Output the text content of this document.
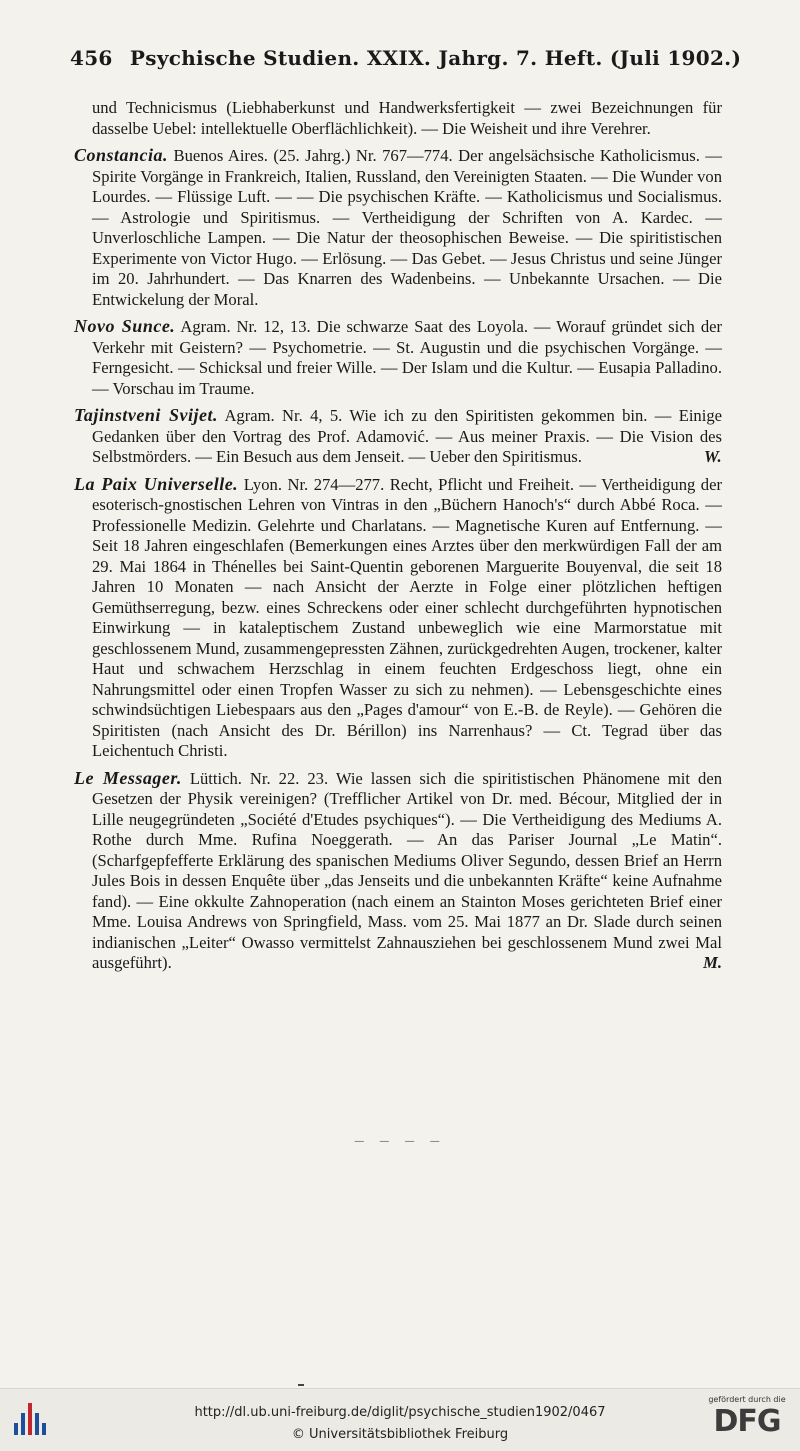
456 Psychische Studien. XXIX. Jahrg. 7. Heft. (Juli 1902.)

und Technicismus (Liebhaberkunst und Handwerksfertigkeit — zwei Bezeichnungen für dasselbe Uebel: intellektuelle Oberflächlichkeit). — Die Weisheit und ihre Verehrer.

Constancia. Buenos Aires. (25. Jahrg.) Nr. 767—774. Der angelsächsische Katholicismus. — Spirite Vorgänge in Frankreich, Italien, Russland, den Vereinigten Staaten. — Die Wunder von Lourdes. — Flüssige Luft. — — Die psychischen Kräfte. — Katholicismus und Socialismus. — Astrologie und Spiritismus. — Vertheidigung der Schriften von A. Kardec. — Unverloschliche Lampen. — Die Natur der theosophischen Beweise. — Die spiritistischen Experimente von Victor Hugo. — Erlösung. — Das Gebet. — Jesus Christus und seine Jünger im 20. Jahrhundert. — Das Knarren des Wadenbeins. — Unbekannte Ursachen. — Die Entwickelung der Moral.

Novo Sunce. Agram. Nr. 12, 13. Die schwarze Saat des Loyola. — Worauf gründet sich der Verkehr mit Geistern? — Psychometrie. — St. Augustin und die psychischen Vorgänge. — Ferngesicht. — Schicksal und freier Wille. — Der Islam und die Kultur. — Eusapia Palladino. — Vorschau im Traume.

Tajinstveni Svijet. Agram. Nr. 4, 5. Wie ich zu den Spiritisten gekommen bin. — Einige Gedanken über den Vortrag des Prof. Adamović. — Aus meiner Praxis. — Die Vision des Selbstmörders. — Ein Besuch aus dem Jenseit. — Ueber den Spiritismus.	W.

La Paix Universelle. Lyon. Nr. 274—277. Recht, Pflicht und Freiheit. — Vertheidigung der esoterisch-gnostischen Lehren von Vintras in den „Büchern Hanoch's“ durch Abbé Roca. — Professionelle Medizin. Gelehrte und Charlatans. — Magnetische Kuren auf Entfernung. — Seit 18 Jahren eingeschlafen (Bemerkungen eines Arztes über den merkwürdigen Fall der am 29. Mai 1864 in Thénelles bei Saint-Quentin geborenen Marguerite Bouyenval, die seit 18 Jahren 10 Monaten — nach Ansicht der Aerzte in Folge einer plötzlichen heftigen Gemüthserregung, bezw. eines Schreckens oder einer schlecht durchgeführten hypnotischen Einwirkung — in kataleptischem Zustand unbeweglich wie eine Marmorstatue mit geschlossenem Mund, zusammengepressten Zähnen, zurückgedrehten Augen, trockener, kalter Haut und schwachem Herzschlag in einem feuchten Erdgeschoss liegt, ohne ein Nahrungsmittel oder einen Tropfen Wasser zu sich zu nehmen). — Lebensgeschichte eines schwindsüchtigen Liebespaars aus den „Pages d'amour“ von E.-B. de Reyle). — Gehören die Spiritisten (nach Ansicht des Dr. Bérillon) ins Narrenhaus? — Ct. Tegrad über das Leichentuch Christi.

Le Messager. Lüttich. Nr. 22. 23. Wie lassen sich die spiritistischen Phänomene mit den Gesetzen der Physik vereinigen? (Trefflicher Artikel von Dr. med. Bécour, Mitglied der in Lille neugegründeten „Société d'Etudes psychiques“). — Die Vertheidigung des Mediums A. Rothe durch Mme. Rufina Noeggerath. — An das Pariser Journal „Le Matin“. (Scharfgepfefferte Erklärung des spanischen Mediums Oliver Segundo, dessen Brief an Herrn Jules Bois in dessen Enquête über „das Jenseits und die unbekannten Kräfte“ keine Aufnahme fand). — Eine okkulte Zahnoperation (nach einem an Stainton Moses gerichteten Brief einer Mme. Louisa Andrews von Springfield, Mass. vom 25. Mai 1877 an Dr. Slade durch seinen indianischen „Leiter“ Owasso vermittelst Zahnausziehen bei geschlossenem Mund zwei Mal ausgeführt).	M.

— — — —
http://dl.ub.uni-freiburg.de/diglit/psychische_studien1902/0467
© Universitätsbibliothek Freiburg
gefördert durch die
DFG
